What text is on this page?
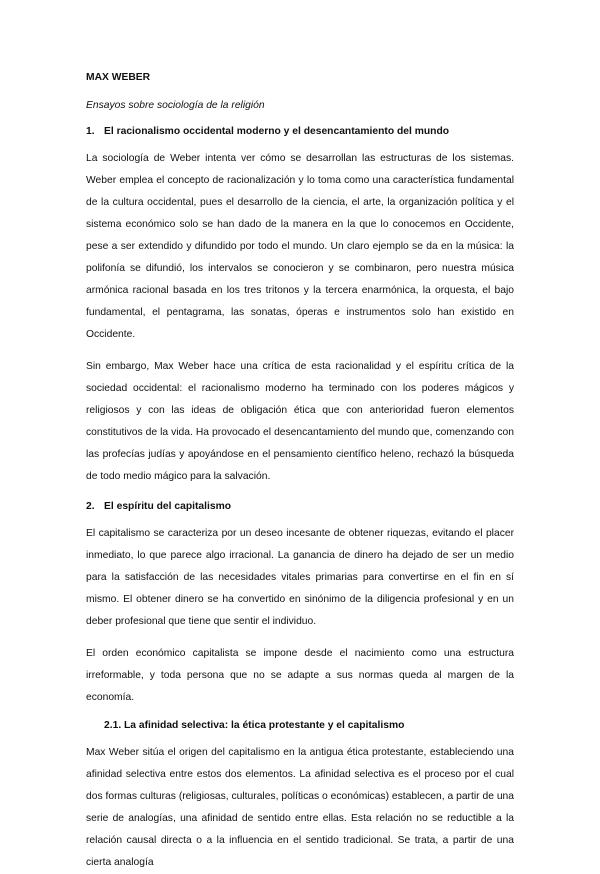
MAX WEBER
Ensayos sobre sociología de la religión
1. El racionalismo occidental moderno y el desencantamiento del mundo

La sociología de Weber intenta ver cómo se desarrollan las estructuras de los sistemas. Weber emplea el concepto de racionalización y lo toma como una característica fundamental de la cultura occidental, pues el desarrollo de la ciencia, el arte, la organización política y el sistema económico solo se han dado de la manera en la que lo conocemos en Occidente, pese a ser extendido y difundido por todo el mundo. Un claro ejemplo se da en la música: la polifonía se difundió, los intervalos se conocieron y se combinaron, pero nuestra música armónica racional basada en los tres tritonos y la tercera enarmónica, la orquesta, el bajo fundamental, el pentagrama, las sonatas, óperas e instrumentos solo han existido en Occidente.

Sin embargo, Max Weber hace una crítica de esta racionalidad y el espíritu crítica de la sociedad occidental: el racionalismo moderno ha terminado con los poderes mágicos y religiosos y con las ideas de obligación ética que con anterioridad fueron elementos constitutivos de la vida. Ha provocado el desencantamiento del mundo que, comenzando con las profecías judías y apoyándose en el pensamiento científico heleno, rechazó la búsqueda de todo medio mágico para la salvación.

2. El espíritu del capitalismo

El capitalismo se caracteriza por un deseo incesante de obtener riquezas, evitando el placer inmediato, lo que parece algo irracional. La ganancia de dinero ha dejado de ser un medio para la satisfacción de las necesidades vitales primarias para convertirse en el fin en sí mismo. El obtener dinero se ha convertido en sinónimo de la diligencia profesional y en un deber profesional que tiene que sentir el individuo.

El orden económico capitalista se impone desde el nacimiento como una estructura irreformable, y toda persona que no se adapte a sus normas queda al margen de la economía.

2.1. La afinidad selectiva: la ética protestante y el capitalismo

Max Weber sitúa el origen del capitalismo en la antigua ética protestante, estableciendo una afinidad selectiva entre estos dos elementos. La afinidad selectiva es el proceso por el cual dos formas culturas (religiosas, culturales, políticas o económicas) establecen, a partir de una serie de analogías, una afinidad de sentido entre ellas. Esta relación no se reductible a la relación causal directa o a la influencia en el sentido tradicional. Se trata, a partir de una cierta analogía
